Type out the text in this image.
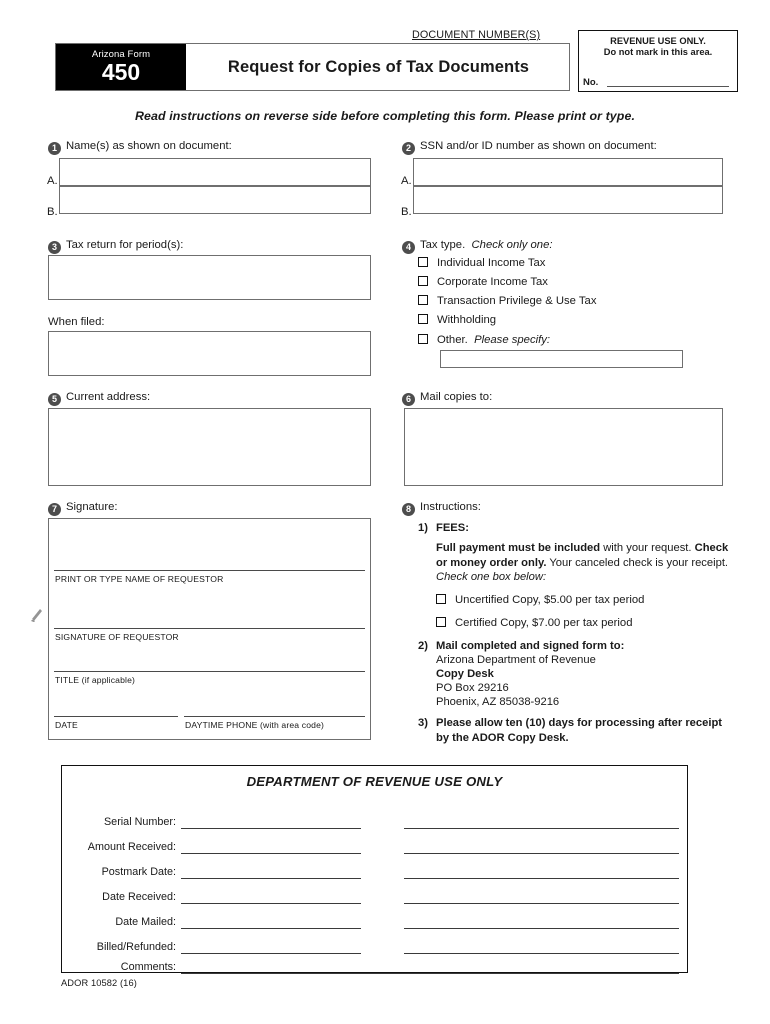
Arizona Form
450	Request for Copies of Tax Documents
REVENUE USE ONLY.
Do not mark in this area.
No.
Read instructions on reverse side before completing this form. Please print or type.
1 Name(s) as shown on document:
A.
B.
2 SSN and/or ID number as shown on document:
A.
B.
3 Tax return for period(s):
When filed:
4 Tax type. Check only one:
Individual Income Tax
Corporate Income Tax
Transaction Privilege & Use Tax
Withholding
Other. Please specify:
5 Current address:	6 Mail copies to:
7 Signature:
PRINT OR TYPE NAME OF REQUESTOR
SIGNATURE OF REQUESTOR
TITLE (if applicable)
DATE	DAYTIME PHONE (with area code)
8 Instructions:
1) FEES:
Full payment must be included with your request. Check or money order only. Your canceled check is your receipt. Check one box below:
Uncertified Copy, $5.00 per tax period
Certified Copy, $7.00 per tax period
2) Mail completed and signed form to:
Arizona Department of Revenue
Copy Desk
PO Box 29216
Phoenix, AZ 85038-9216
3) Please allow ten (10) days for processing after receipt by the ADOR Copy Desk.
DEPARTMENT OF REVENUE USE ONLY
DOCUMENT NUMBER(S)
Serial Number:
Amount Received:
Postmark Date:
Date Received:
Date Mailed:
Billed/Refunded:
Comments:
ADOR 10582 (16)
